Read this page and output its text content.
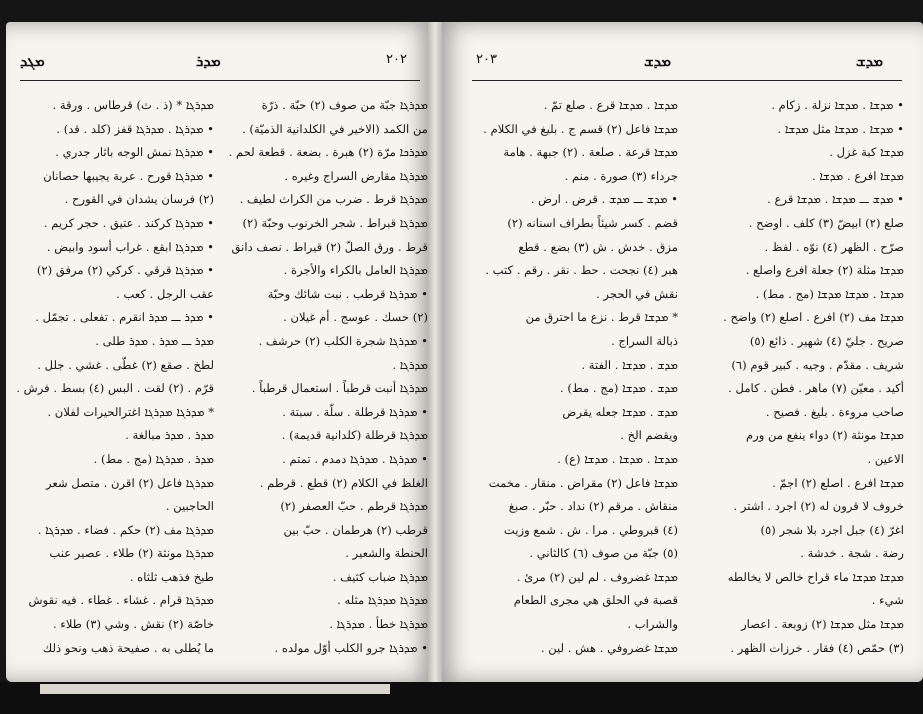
ܡܓܕ	ܡܕܪ	٢٠٢
ܡܕܪܓܐ * (ذ . ث) قرطاس . ورقة .
• ܡܕܪܓܐ . ܡܕܪܓܐ قفز (كلد . قد) .
• ܡܕܪܓܐ نمش الوجه باثار جدري .
• ܡܕܪܓܐ قورح . عربة يجيبها حصانان
(٢) فرسان يشدان في القورح .
• ܡܕܪܓܐ كركند . عتيق . حجر كريم .
• ܡܕܪܓܐ ابقع . غراب أسود وابيض .
• ܡܕܪܓܐ قرقي . كركي (٢) مرفق (٢)
عقب الرجل . كعب .
• ܡܕܪ ــ ܡܕܪ انقرم . تفعلى . تجمّل .
ܡܕܪ ــ ܡܕܪ . ܡܕܪ طلى .
لطخ . صقع (٢) غطّى . غشي . جلل .
قرّم . (٢) لقت . البس (٤) بسط . فرش .
* ܡܕܪܓܐ ܡܕܪܓܐ اغترالحيرات لفلان .
ܡܕܪ . ܡܕܪ مبالغة .
ܡܕܪ . ܡܕܪܓܐ (مج . مط) .
ܡܕܪܓܐ فاعل (٢) اقرن . متصل شعر
الحاجبين .
ܡܕܪܓܐ مف (٢) حكم . فضاء . ܡܕܪܓܐ .
ܡܕܪܓܐ مونثة (٢) طلاء . عصير عنب
طبخ فذهب ثلثاه .
ܡܕܪܓܐ قرام . غشاء . غطاء . فيه نقوش
خاصّة (٢) نقش . وشي (٣) طلاء .
ما يُطلى به . صفيحة ذهب ونحو ذلك
ܡܕܪܓܐ جبّة من صوف (٢) حبّة . ذرّة
من الكمد (الاخير في الكلدانية الذميّة) .
ܡܕܪܟܐ مرّة (٢) هبرة . بضعة . قطعة لحم .
ܡܕܪܓܐ مقارض السراج وغيره .
ܡܕܪܓܐ قرط . ضرب من الكراث لطيف .
ܡܕܪܓܐ قبراط . شجر الخرنوب وحبّة (٢)
قرط . ورق الصلّ (٢) قيراط . نصف دانق
ܡܕܪܓܐ العامل بالكراء والأجرة .
• ܡܕܪܓܐ قرطب . نبت شائك وحبّة
(٢) حسك . عوسج . أم غيلان .
• ܡܕܪܓܐ شجرة الكلب (٢) حرشف .
ܡܕܪܓܐ .
ܡܕܪܓܐ أنبت قرطباً . استعمال قرطباً .
• ܡܕܪܓܐ قرطلة . سلّة . سبتة .
ܡܕܪܓܐ قرطلة (كلدانية قديمة) .
• ܡܕܪܓܐ . ܡܕܪܓܐ دمدم . تمتم .
الغلظ في الكلام (٢) قطع . قرطم .
ܡܕܪܓܐ قرطم . حبّ العصفر (٢)
قرطب (٢) هرطمان . حبّ بين
الحنطة والشعير .
ܡܕܪܓܐ ضباب كثيف .
ܡܕܪܓܐ ܡܕܪܓܐ مثله .
ܡܕܪܓܐ خطأ . ܡܕܪܓܐ .
• ܡܕܪܓܐ جرو الكلب أوّل مولده .
٢٠٣	ܡܕܫ	ܡܕܫ
ܡܕܫܐ . ܡܕܫܐ قرع . صلع تمّ .
ܡܕܫܐ فاعل (٢) قسم ج . بليغ في الكلام .
ܡܕܫܐ قرعة . صلعة . (٢) جبهة . هامة
جرداء (٣) صورة . منم .
• ܡܕܫ ــ ܡܕܫ . قرض . ارض .
قضم . كسر شيئاً بطراف اسنانه (٢)
مزق . خدش . ش (٣) بضع . قطع
هبر (٤) نجحت . حط . نقر . رقم . كتب .
نقش في الحجر .
* ܡܕܫܐ قرط . نزع ما احترق من
ذبالة السراج .
ܡܕܫ . ܡܕܫܐ . الفتة .
ܡܕܫ . ܡܕܫܐ (مج . مط) .
ܡܕܫ . ܡܕܫܐ جعله يقرض
ويقضم الخ .
ܡܕܫܐ . ܡܕܫܐ . ܡܕܫܐ (ع) .
ܡܕܫܐ فاعل (٢) مقراض . منقار . مخمت
منقاش . مرقم (٢) نداد . حبّر . صبغ
(٤) قبروطي . مرا . ش . شمع وزيت
(٥) جبّة من صوف (٦) كالثاني .
ܡܕܫܐ غضروف . لم لين (٢) مرئ .
قصبة في الحلق هي مجرى الطعام
والشراب .
ܡܕܫܐ غضروفي . هش . لين .
• ܡܕܫܐ . ܡܕܫܐ نزلة . زكام .
• ܡܕܫܐ . ܡܕܫܐ مثل ܡܕܫܐ .
ܡܕܫܐ كبة غزل .
ܡܕܫܐ افرع . ܡܕܫܐ .
• ܡܕܫ ــ ܡܕܫܐ . ܡܕܫܐ قرع .
صلع (٢) ابيضّ (٣) كلف . اوضح .
صرّح . الظهر (٤) نوّه . لفظ .
ܡܕܫܐ مثلة (٢) جعلة افرع واصلع .
ܡܕܫܐ . ܡܕܫܐ ܡܕܫܐ (مج . مط) .
ܡܕܫܐ مف (٢) افرع . اصلع (٢) واضح .
صريح . جليّ (٤) شهير . ذائع (٥)
شريف . مقدّم . وجيه . كبير قوم (٦)
أكيد . معيّن (٧) ماهر . فطن . كامل .
صاحب مروءة . بليغ . فصيح .
ܡܕܫܐ مونثة (٢) دواء ينفع من ورم
الاعين .
ܡܕܫܐ افرع . اصلع (٢) اجمّ .
خروف لا قرون له (٢) اجرد . اشتر .
اغرّ (٤) جبل اجرد بلا شجر (٥)
رضة . شجة . خدشة .
ܡܕܫܐ ܡܕܫܐ ماء قراح خالص لا يخالطه
شيء .
ܡܕܫܐ مثل ܡܕܫܐ (٢) زوبعة . اعصار
(٣) حمّص (٤) فقار . خرزات الظهر .
